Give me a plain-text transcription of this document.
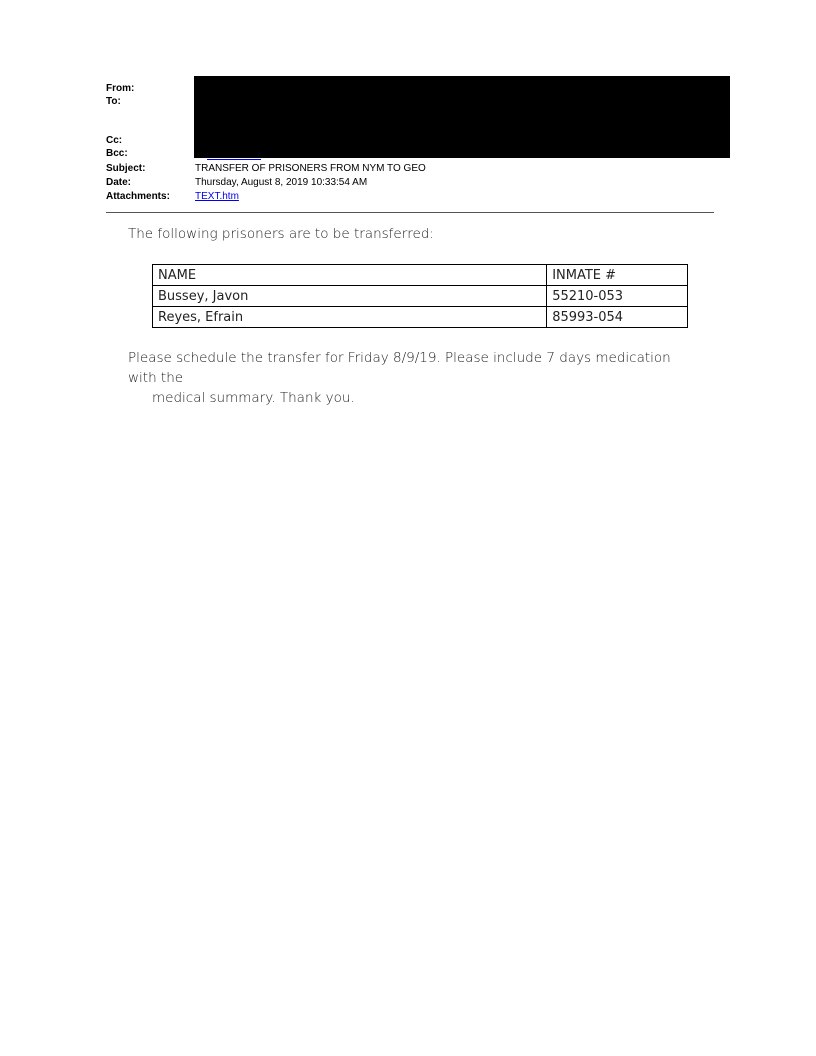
From:
To:
Cc:
Bcc:
Subject:	TRANSFER OF PRISONERS FROM NYM TO GEO
Date:	Thursday, August 8, 2019 10:33:54 AM
Attachments:	TEXT.htm
The following prisoners are to be transferred:
NAME	INMATE #
Bussey, Javon	55210-053
Reyes, Efrain	85993-054
Please schedule the transfer for Friday 8/9/19. Please include 7 days medication with the
medical summary. Thank you.
